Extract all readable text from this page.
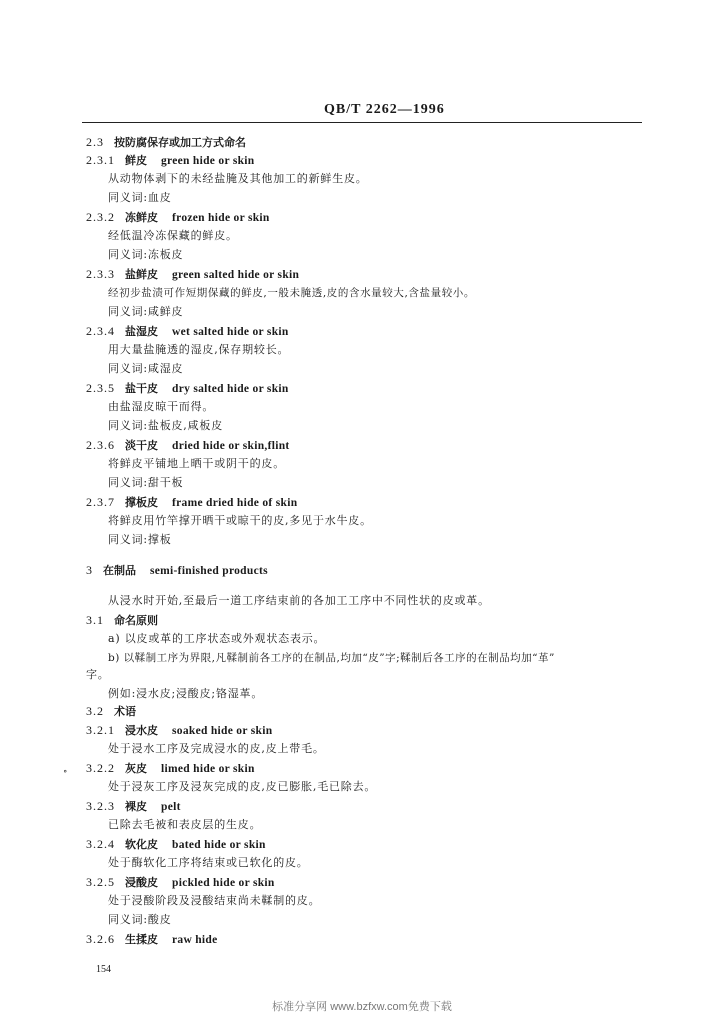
QB/T 2262—1996
2.3 按防腐保存或加工方式命名
2.3.1 鲜皮 green hide or skin
从动物体剥下的未经盐腌及其他加工的新鲜生皮。
同义词:血皮
2.3.2 冻鲜皮 frozen hide or skin
经低温冷冻保藏的鲜皮。
同义词:冻板皮
2.3.3 盐鲜皮 green salted hide or skin
经初步盐渍可作短期保藏的鲜皮,一般未腌透,皮的含水量较大,含盐量较小。
同义词:咸鲜皮
2.3.4 盐湿皮 wet salted hide or skin
用大量盐腌透的湿皮,保存期较长。
同义词:咸湿皮
2.3.5 盐干皮 dry salted hide or skin
由盐湿皮晾干而得。
同义词:盐板皮,咸板皮
2.3.6 淡干皮 dried hide or skin,flint
将鲜皮平铺地上晒干或阴干的皮。
同义词:甜干板
2.3.7 撑板皮 frame dried hide of skin
将鲜皮用竹竿撑开晒干或晾干的皮,多见于水牛皮。
同义词:撑板
3 在制品 semi-finished products
从浸水时开始,至最后一道工序结束前的各加工工序中不同性状的皮或革。
3.1 命名原则
a) 以皮或革的工序状态或外观状态表示。
b) 以鞣制工序为界限,凡鞣制前各工序的在制品,均加“皮”字;鞣制后各工序的在制品均加“革”
字。
例如:浸水皮;浸酸皮;铬湿革。
3.2 术语
3.2.1 浸水皮 soaked hide or skin
处于浸水工序及完成浸水的皮,皮上带毛。
∘ 3.2.2 灰皮 limed hide or skin
处于浸灰工序及浸灰完成的皮,皮已膨胀,毛已除去。
3.2.3 裸皮 pelt
已除去毛被和表皮层的生皮。
3.2.4 软化皮 bated hide or skin
处于酶软化工序将结束或已软化的皮。
3.2.5 浸酸皮 pickled hide or skin
处于浸酸阶段及浸酸结束尚未鞣制的皮。
同义词:酸皮
3.2.6 生揉皮 raw hide
154
标准分享网 www.bzfxw.com免费下载
